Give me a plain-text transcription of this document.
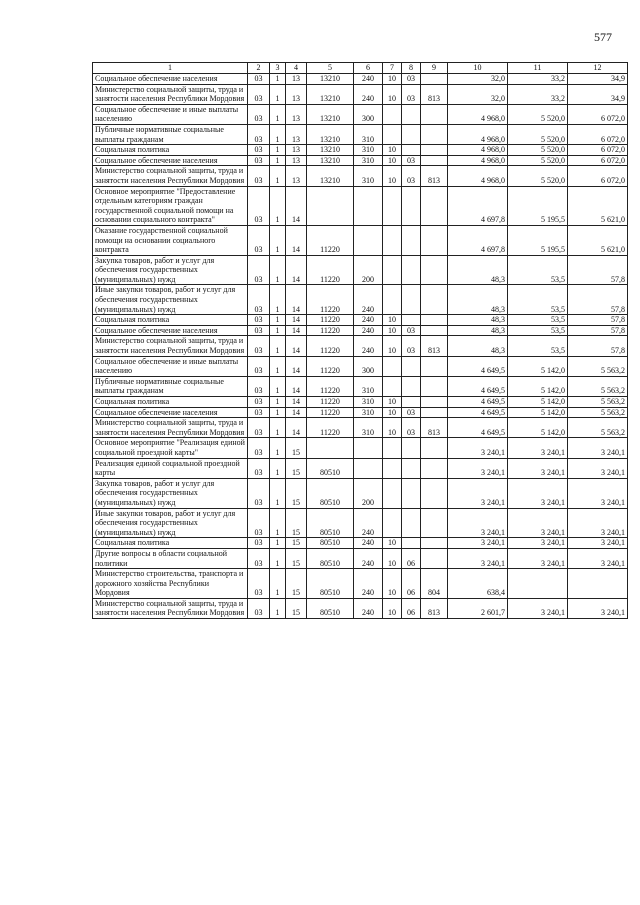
577
1	2	3	4	5	6	7	8	9	10	11	12
Социальное обеспечение населения	03	1	13	13210	240	10	03		32,0	33,2	34,9
Министерство социальной защиты, труда и занятости населения Республики Мордовия	03	1	13	13210	240	10	03	813	32,0	33,2	34,9
Социальное обеспечение и иные выплаты населению	03	1	13	13210	300				4 968,0	5 520,0	6 072,0
Публичные нормативные социальные выплаты гражданам	03	1	13	13210	310				4 968,0	5 520,0	6 072,0
Социальная политика	03	1	13	13210	310	10			4 968,0	5 520,0	6 072,0
Социальное обеспечение населения	03	1	13	13210	310	10	03		4 968,0	5 520,0	6 072,0
Министерство социальной защиты, труда и занятости населения Республики Мордовия	03	1	13	13210	310	10	03	813	4 968,0	5 520,0	6 072,0
Основное мероприятие "Предоставление отдельным категориям граждан государственной социальной помощи на основании социального контракта"	03	1	14						4 697,8	5 195,5	5 621,0
Оказание государственной социальной помощи на основании социального контракта	03	1	14	11220					4 697,8	5 195,5	5 621,0
Закупка товаров, работ и услуг для обеспечения государственных (муниципальных) нужд	03	1	14	11220	200				48,3	53,5	57,8
Иные закупки товаров, работ и услуг для обеспечения государственных (муниципальных) нужд	03	1	14	11220	240				48,3	53,5	57,8
Социальная политика	03	1	14	11220	240	10			48,3	53,5	57,8
Социальное обеспечение населения	03	1	14	11220	240	10	03		48,3	53,5	57,8
Министерство социальной защиты, труда и занятости населения Республики Мордовия	03	1	14	11220	240	10	03	813	48,3	53,5	57,8
Социальное обеспечение и иные выплаты населению	03	1	14	11220	300				4 649,5	5 142,0	5 563,2
Публичные нормативные социальные выплаты гражданам	03	1	14	11220	310				4 649,5	5 142,0	5 563,2
Социальная политика	03	1	14	11220	310	10			4 649,5	5 142,0	5 563,2
Социальное обеспечение населения	03	1	14	11220	310	10	03		4 649,5	5 142,0	5 563,2
Министерство социальной защиты, труда и занятости населения Республики Мордовия	03	1	14	11220	310	10	03	813	4 649,5	5 142,0	5 563,2
Основное мероприятие "Реализация единой социальной проездной карты"	03	1	15						3 240,1	3 240,1	3 240,1
Реализация единой социальной проездной карты	03	1	15	80510					3 240,1	3 240,1	3 240,1
Закупка товаров, работ и услуг для обеспечения государственных (муниципальных) нужд	03	1	15	80510	200				3 240,1	3 240,1	3 240,1
Иные закупки товаров, работ и услуг для обеспечения государственных (муниципальных) нужд	03	1	15	80510	240				3 240,1	3 240,1	3 240,1
Социальная политика	03	1	15	80510	240	10			3 240,1	3 240,1	3 240,1
Другие вопросы в области социальной политики	03	1	15	80510	240	10	06		3 240,1	3 240,1	3 240,1
Министерство строительства, транспорта и дорожного хозяйства Республики Мордовия	03	1	15	80510	240	10	06	804	638,4		
Министерство социальной защиты, труда и занятости населения Республики Мордовия	03	1	15	80510	240	10	06	813	2 601,7	3 240,1	3 240,1
